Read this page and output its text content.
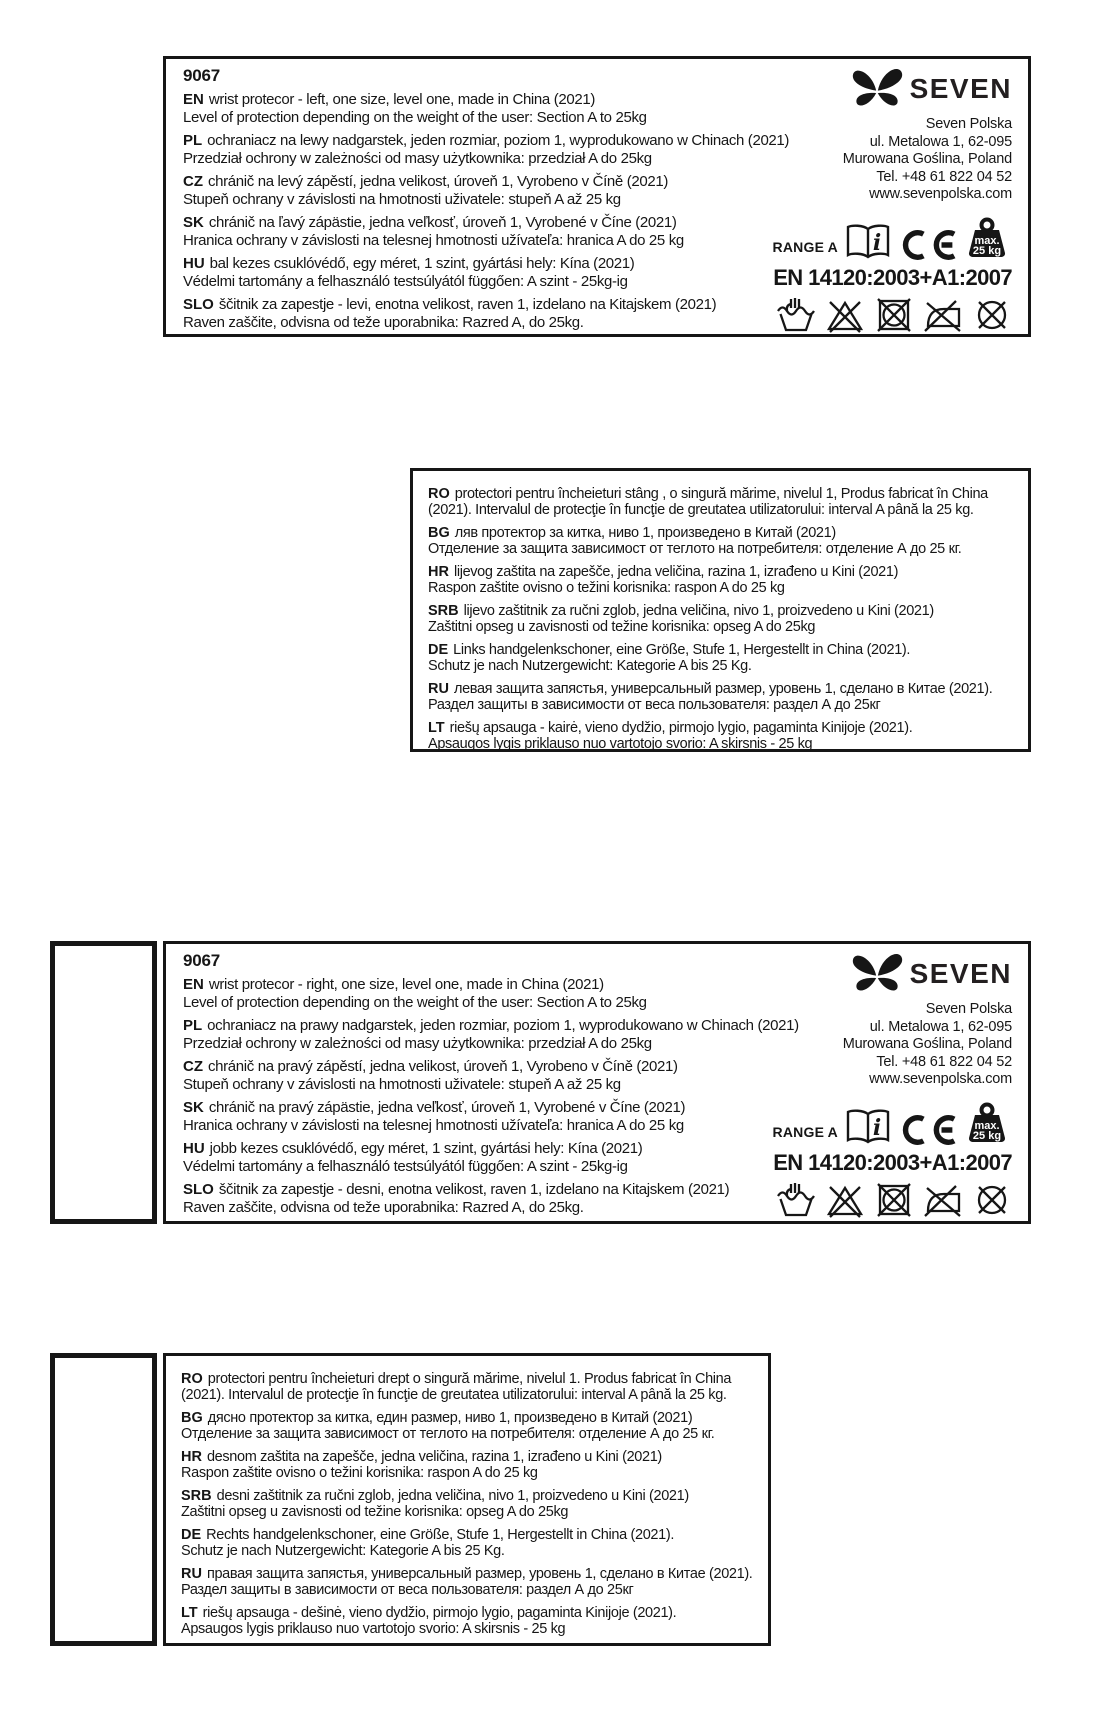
9067

EN wrist protecor - left, one size, level one, made in China (2021)
Level of protection depending on the weight of the user: Section A to 25kg

PL ochraniacz na lewy nadgarstek, jeden rozmiar, poziom 1, wyprodukowano w Chinach (2021)
Przedział ochrony w zależności od masy użytkownika: przedział A do 25kg

CZ chránič na levý zápěstí, jedna velikost, úroveň 1, Vyrobeno v Číně (2021)
Stupeň ochrany v závislosti na hmotnosti uživatele: stupeň A až 25 kg

SK chránič na ľavý zápästie, jedna veľkosť, úroveň 1, Vyrobené v Číne (2021)
Hranica ochrany v závislosti na telesnej hmotnosti užívateľa: hranica A do 25 kg

HU bal kezes csuklóvédő, egy méret, 1 szint, gyártási hely: Kína (2021)
Védelmi tartomány a felhasználó testsúlyától függően: A szint - 25kg-ig

SLO ščitnik za zapestje - levi, enotna velikost, raven 1, izdelano na Kitajskem (2021)
Raven zaščite, odvisna od teže uporabnika: Razred A, do 25kg.

SEVEN
Seven Polska
ul. Metalowa 1, 62-095
Murowana Goślina, Poland
Tel. +48 61 822 04 52
www.sevenpolska.com
RANGE A i	max.
25 kg
EN 14120:2003+A1:2007

RO protectori pentru încheieturi stâng , o singură mărime, nivelul 1, Produs fabricat în China
(2021). Intervalul de protecţie în funcţie de greutatea utilizatorului: interval A până la 25 kg.

BG ляв протектор за китка, ниво 1, произведено в Китай (2021)
Отделение за защита зависимост от теглото на потребителя: отделение А до 25 кг.

HR lijevog zaštita na zapešče, jedna veličina, razina 1, izrađeno u Kini (2021)
Raspon zaštite ovisno o težini korisnika: raspon A do 25 kg

SRB lijevo zaštitnik za ručni zglob, jedna veličina, nivo 1, proizvedeno u Kini (2021)
Zaštitni opseg u zavisnosti od težine korisnika: opseg A do 25kg

DE Links handgelenkschoner, eine Größe, Stufe 1, Hergestellt in China (2021).
Schutz je nach Nutzergewicht: Kategorie A bis 25 Kg.

RU левая защита запястья, универсальный размер, уровень 1, сделано в Китае (2021).
Раздел защиты в зависимости от веса пользователя: раздел А до 25кг

LT riešų apsauga - kairė, vieno dydžio, pirmojo lygio, pagaminta Kinijoje (2021).
Apsaugos lygis priklauso nuo vartotojo svorio: A skirsnis - 25 kg

9067

EN wrist protecor - right, one size, level one, made in China (2021)
Level of protection depending on the weight of the user: Section A to 25kg

PL ochraniacz na prawy nadgarstek, jeden rozmiar, poziom 1, wyprodukowano w Chinach (2021)
Przedział ochrony w zależności od masy użytkownika: przedział A do 25kg

CZ chránič na pravý zápěstí, jedna velikost, úroveň 1, Vyrobeno v Číně (2021)
Stupeň ochrany v závislosti na hmotnosti uživatele: stupeň A až 25 kg

SK chránič na pravý zápästie, jedna veľkosť, úroveň 1, Vyrobené v Číne (2021)
Hranica ochrany v závislosti na telesnej hmotnosti užívateľa: hranica A do 25 kg

HU jobb kezes csuklóvédő, egy méret, 1 szint, gyártási hely: Kína (2021)
Védelmi tartomány a felhasználó testsúlyától függően: A szint - 25kg-ig

SLO ščitnik za zapestje - desni, enotna velikost, raven 1, izdelano na Kitajskem (2021)
Raven zaščite, odvisna od teže uporabnika: Razred A, do 25kg.

SEVEN
Seven Polska
ul. Metalowa 1, 62-095
Murowana Goślina, Poland
Tel. +48 61 822 04 52
www.sevenpolska.com
RANGE A i	max.
25 kg
EN 14120:2003+A1:2007

RO protectori pentru încheieturi drept o singură mărime, nivelul 1. Produs fabricat în China
(2021). Intervalul de protecţie în funcţie de greutatea utilizatorului: interval A până la 25 kg.

BG дясно протектор за китка, един размер, ниво 1, произведено в Китай (2021)
Отделение за защита зависимост от теглото на потребителя: отделение А до 25 кг.

HR desnom zaštita na zapešče, jedna veličina, razina 1, izrađeno u Kini (2021)
Raspon zaštite ovisno o težini korisnika: raspon A do 25 kg

SRB desni zaštitnik za ručni zglob, jedna veličina, nivo 1, proizvedeno u Kini (2021)
Zaštitni opseg u zavisnosti od težine korisnika: opseg A do 25kg

DE Rechts handgelenkschoner, eine Größe, Stufe 1, Hergestellt in China (2021).
Schutz je nach Nutzergewicht: Kategorie A bis 25 Kg.

RU правая защита запястья, универсальный размер, уровень 1, сделано в Китае (2021).
Раздел защиты в зависимости от веса пользователя: раздел А до 25кг

LT riešų apsauga - dešinė, vieno dydžio, pirmojo lygio, pagaminta Kinijoje (2021).
Apsaugos lygis priklauso nuo vartotojo svorio: A skirsnis - 25 kg
